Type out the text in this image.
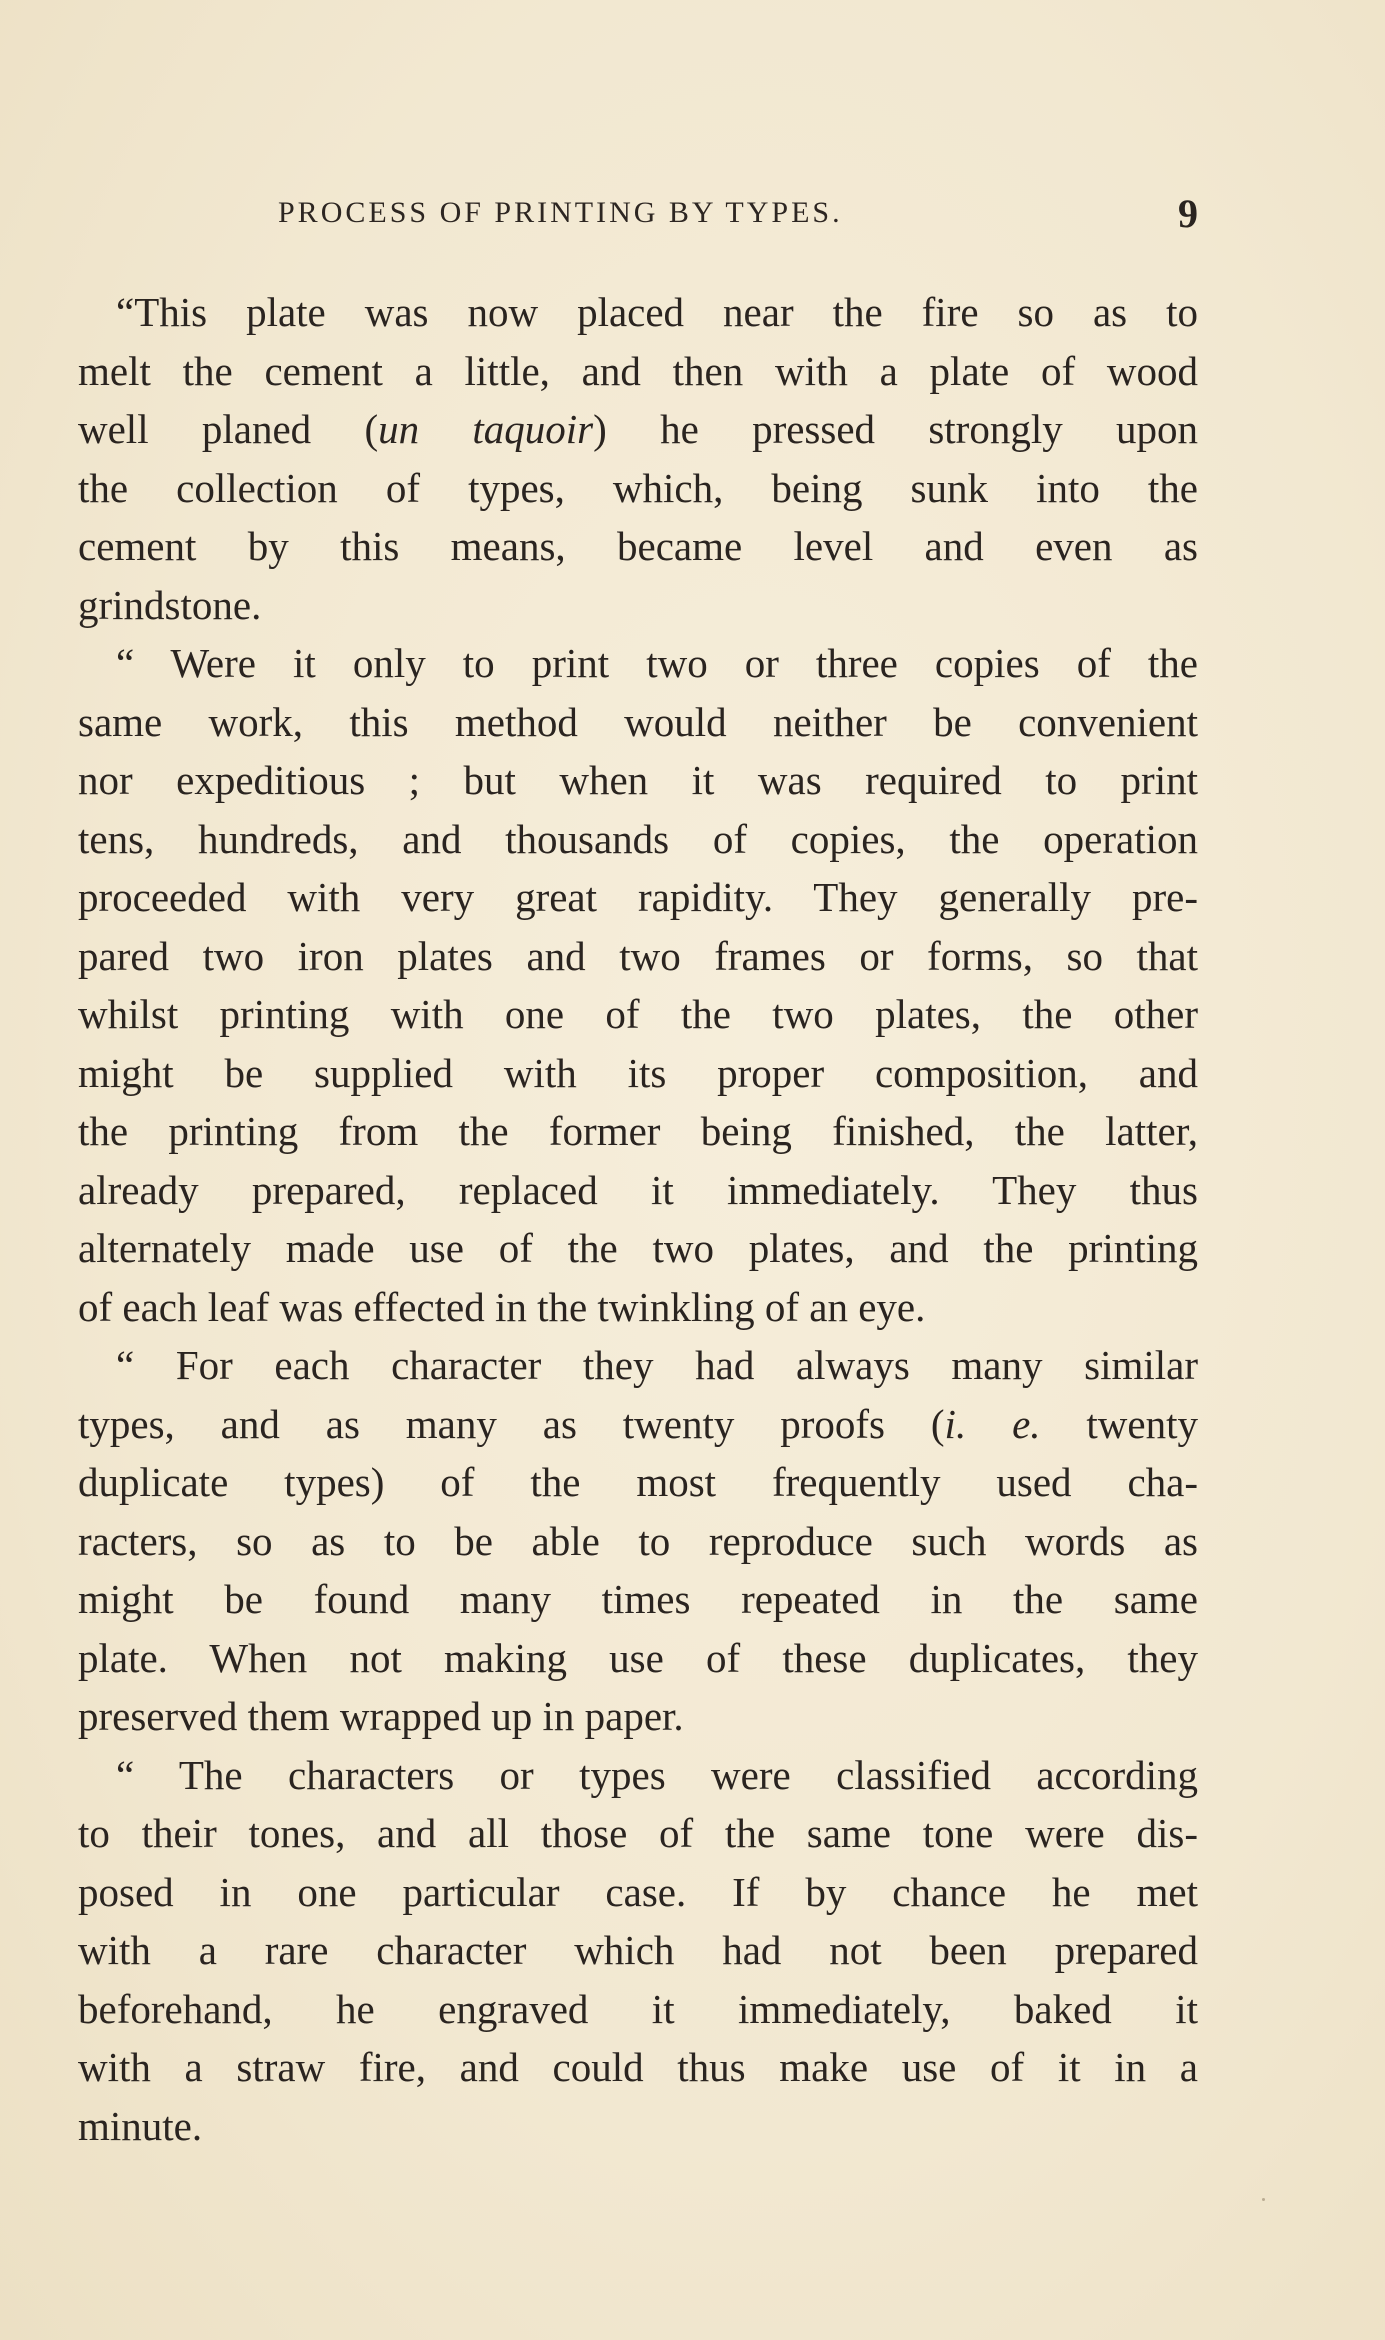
PROCESS OF PRINTING BY TYPES.	9
“This plate was now placed near the fire so as to
melt the cement a little, and then with a plate of wood
well planed (un taquoir) he pressed strongly upon
the collection of types, which, being sunk into the
cement by this means, became level and even as
grindstone.
“ Were it only to print two or three copies of the
same work, this method would neither be convenient
nor expeditious ; but when it was required to print
tens, hundreds, and thousands of copies, the operation
proceeded with very great rapidity. They generally pre-
pared two iron plates and two frames or forms, so that
whilst printing with one of the two plates, the other
might be supplied with its proper composition, and
the printing from the former being finished, the latter,
already prepared, replaced it immediately. They thus
alternately made use of the two plates, and the printing
of each leaf was effected in the twinkling of an eye.
“ For each character they had always many similar
types, and as many as twenty proofs (i. e. twenty
duplicate types) of the most frequently used cha-
racters, so as to be able to reproduce such words as
might be found many times repeated in the same
plate. When not making use of these duplicates, they
preserved them wrapped up in paper.
“ The characters or types were classified according
to their tones, and all those of the same tone were dis-
posed in one particular case. If by chance he met
with a rare character which had not been prepared
beforehand, he engraved it immediately, baked it
with a straw fire, and could thus make use of it in a
minute.
